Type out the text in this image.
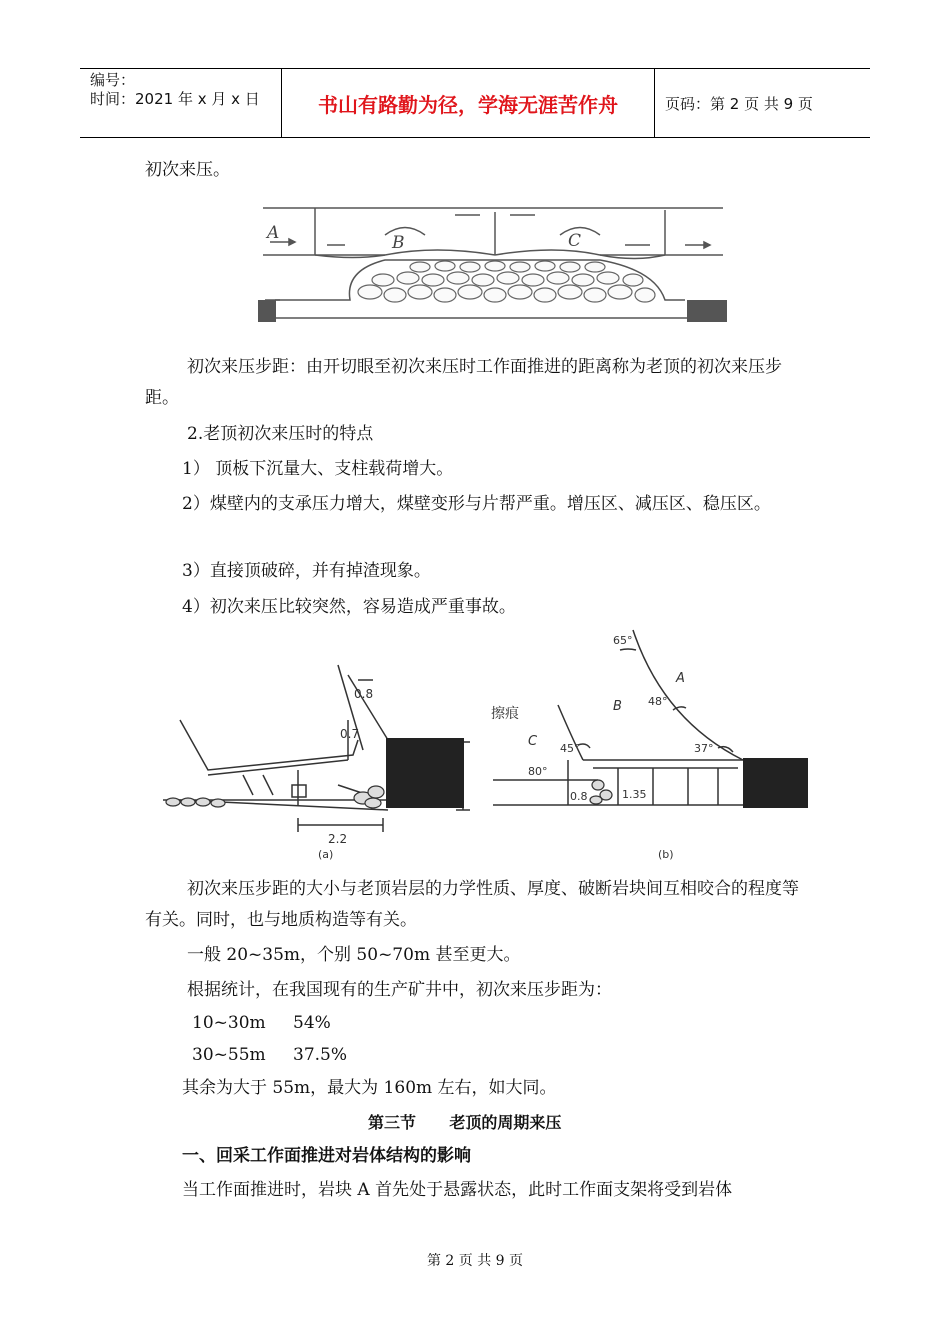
编号：
时间：2021 年 x 月 x 日	书山有路勤为径，学海无涯苦作舟	页码：第 2 页 共 9 页
初次来压。
A	B	C
初次来压步距：由开切眼至初次来压时工作面推进的距离称为老顶的初次来压步距。
2.老顶初次来压时的特点
1） 顶板下沉量大、支柱载荷增大。
2）煤壁内的支承压力增大，煤壁变形与片帮严重。增压区、减压区、稳压区。
3）直接顶破碎，并有掉渣现象。
4）初次来压比较突然，容易造成严重事故。
0.8
0.7
2.2
(a)
擦痕	B
C
A
65°
48°
45°
80°
37°
1.35
0.8
(b)
初次来压步距的大小与老顶岩层的力学性质、厚度、破断岩块间互相咬合的程度等有关。同时，也与地质构造等有关。
一般 20~35m，个别 50~70m 甚至更大。
根据统计，在我国现有的生产矿井中，初次来压步距为：
10~30m 54%
30~55m 37.5%
其余为大于 55m，最大为 160m 左右，如大同。
第三节      老顶的周期来压
一、回采工作面推进对岩体结构的影响
当工作面推进时，岩块 A 首先处于悬露状态，此时工作面支架将受到岩体
第 2 页 共 9 页
